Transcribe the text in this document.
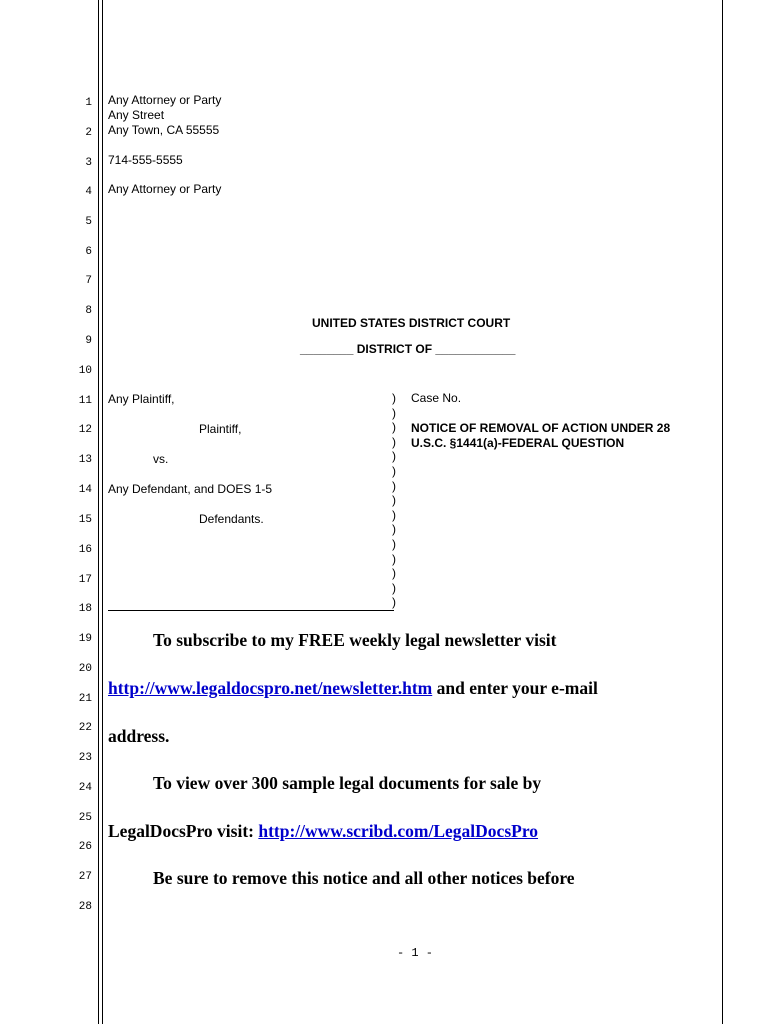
1
2
3
4
5
6
7
8
9
10
11
12
13
14
15
16
17
18
19
20
21
22
23
24
25
26
27
28
Any Attorney or Party
Any Street
Any Town, CA 55555
714-555-5555
Any Attorney or Party
UNITED STATES DISTRICT COURT
________ DISTRICT OF ____________
Any Plaintiff,
Plaintiff,
vs.
Any Defendant, and DOES 1-5
Defendants.
)
)
)
)
)
)
)
)
)
)
)
)
)
)
)
Case No.
NOTICE OF REMOVAL OF ACTION UNDER 28
U.S.C. §1441(a)-FEDERAL QUESTION
To subscribe to my FREE weekly legal newsletter visit
http://www.legaldocspro.net/newsletter.htm and enter your e-mail
address.
To view over 300 sample legal documents for sale by
LegalDocsPro visit: http://www.scribd.com/LegalDocsPro
Be sure to remove this notice and all other notices before
- 1 -
